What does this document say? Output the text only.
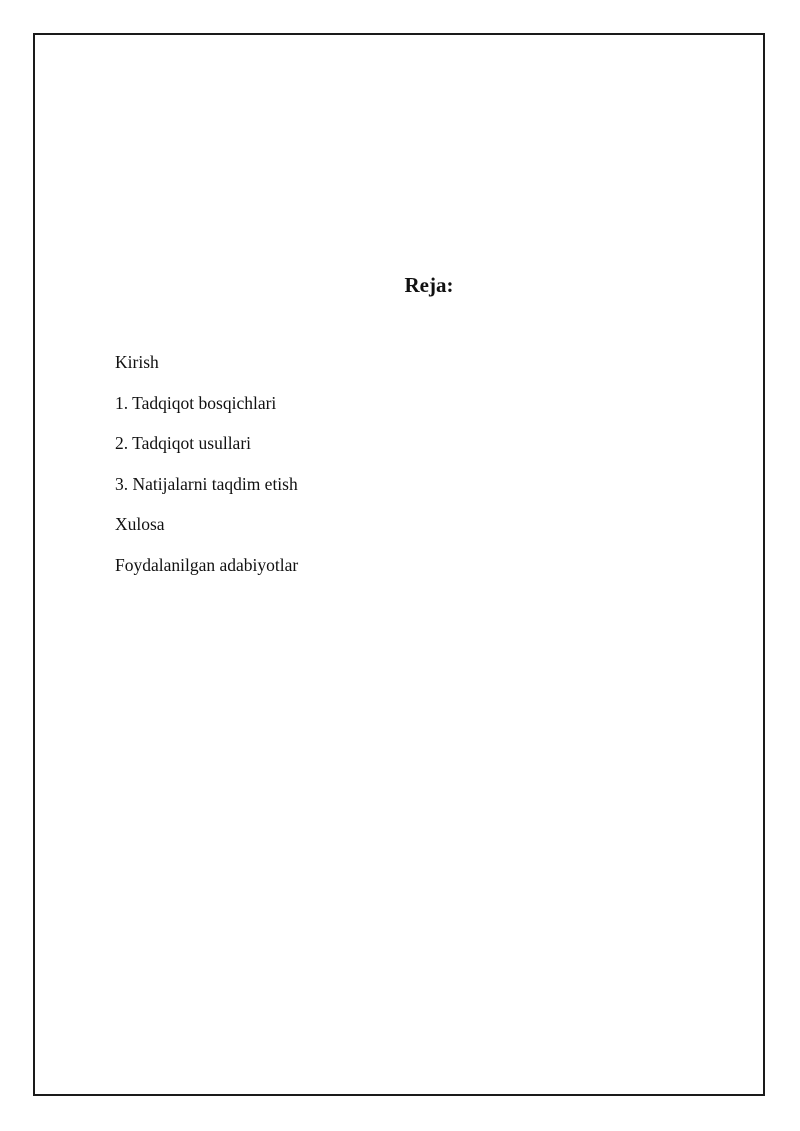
Reja:
Kirish
1. Tadqiqot bosqichlari
2. Tadqiqot usullari
3. Natijalarni taqdim etish
Xulosa
Foydalanilgan adabiyotlar
